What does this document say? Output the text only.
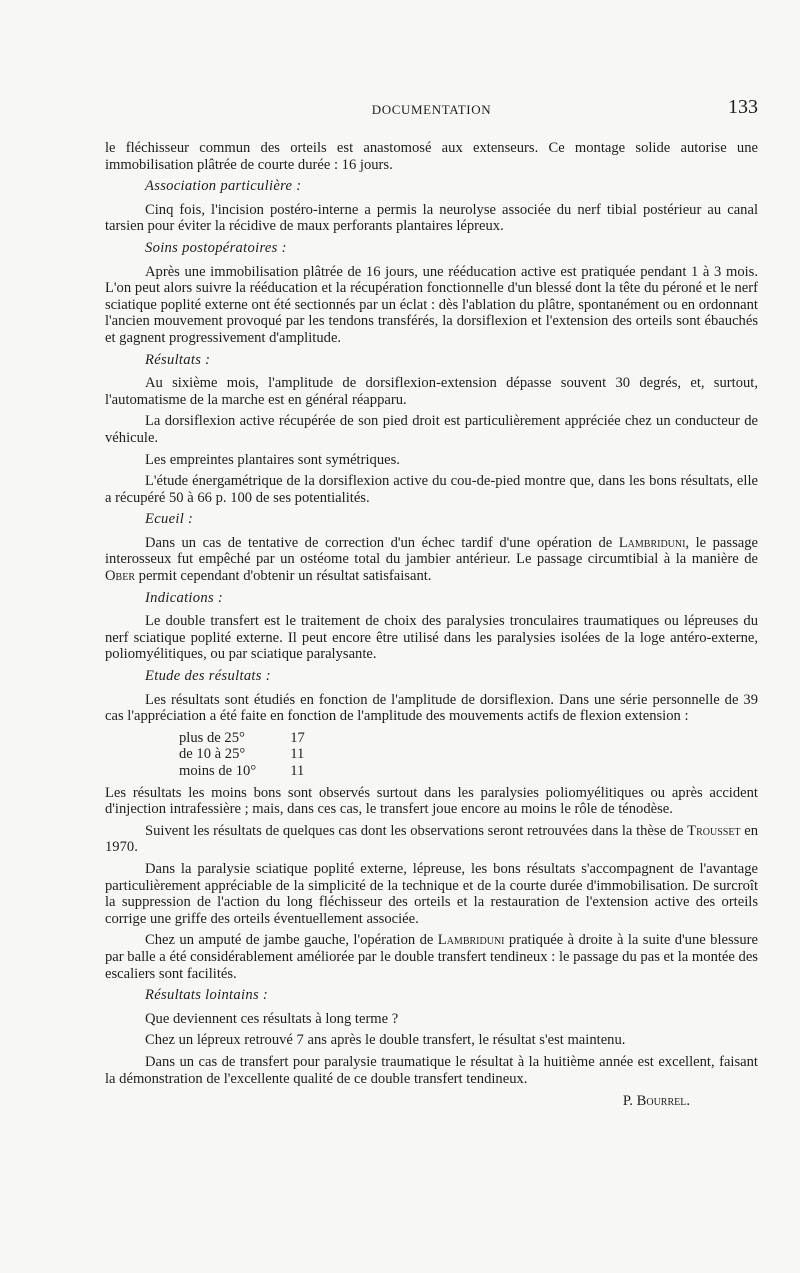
DOCUMENTATION	133

le fléchisseur commun des orteils est anastomosé aux extenseurs. Ce montage solide autorise une immobilisation plâtrée de courte durée : 16 jours.

Association particulière :

Cinq fois, l'incision postéro-interne a permis la neurolyse associée du nerf tibial postérieur au canal tarsien pour éviter la récidive de maux perforants plantaires lépreux.

Soins postopératoires :

Après une immobilisation plâtrée de 16 jours, une rééducation active est pratiquée pendant 1 à 3 mois. L'on peut alors suivre la rééducation et la récupération fonctionnelle d'un blessé dont la tête du péroné et le nerf sciatique poplité externe ont été sectionnés par un éclat : dès l'ablation du plâtre, spontanément ou en ordonnant l'ancien mouvement provoqué par les tendons transférés, la dorsiflexion et l'extension des orteils sont ébauchés et gagnent progressivement d'amplitude.

Résultats :

Au sixième mois, l'amplitude de dorsiflexion-extension dépasse souvent 30 degrés, et, surtout, l'automatisme de la marche est en général réapparu.

La dorsiflexion active récupérée de son pied droit est particulièrement appréciée chez un conducteur de véhicule.

Les empreintes plantaires sont symétriques.

L'étude énergamétrique de la dorsiflexion active du cou-de-pied montre que, dans les bons résultats, elle a récupéré 50 à 66 p. 100 de ses potentialités.

Ecueil :

Dans un cas de tentative de correction d'un échec tardif d'une opération de Lambriduni, le passage interosseux fut empêché par un ostéome total du jambier antérieur. Le passage circumtibial à la manière de Ober permit cependant d'obtenir un résultat satisfaisant.

Indications :

Le double transfert est le traitement de choix des paralysies tronculaires traumatiques ou lépreuses du nerf sciatique poplité externe. Il peut encore être utilisé dans les paralysies isolées de la loge antéro-externe, poliomyélitiques, ou par sciatique paralysante.

Etude des résultats :

Les résultats sont étudiés en fonction de l'amplitude de dorsiflexion. Dans une série personnelle de 39 cas l'appréciation a été faite en fonction de l'amplitude des mouvements actifs de flexion extension :

plus de 25°	17
de 10 à 25°	11
moins de 10°	11

Les résultats les moins bons sont observés surtout dans les paralysies poliomyélitiques ou après accident d'injection intrafessière ; mais, dans ces cas, le transfert joue encore au moins le rôle de ténodèse.

Suivent les résultats de quelques cas dont les observations seront retrouvées dans la thèse de Trousset en 1970.

Dans la paralysie sciatique poplité externe, lépreuse, les bons résultats s'accompagnent de l'avantage particulièrement appréciable de la simplicité de la technique et de la courte durée d'immobilisation. De surcroît la suppression de l'action du long fléchisseur des orteils et la restauration de l'extension active des orteils corrige une griffe des orteils éventuellement associée.

Chez un amputé de jambe gauche, l'opération de Lambriduni pratiquée à droite à la suite d'une blessure par balle a été considérablement améliorée par le double transfert tendineux : le passage du pas et la montée des escaliers sont facilités.

Résultats lointains :

Que deviennent ces résultats à long terme ?

Chez un lépreux retrouvé 7 ans après le double transfert, le résultat s'est maintenu.

Dans un cas de transfert pour paralysie traumatique le résultat à la huitième année est excellent, faisant la démonstration de l'excellente qualité de ce double transfert tendineux.

P. Bourrel.
